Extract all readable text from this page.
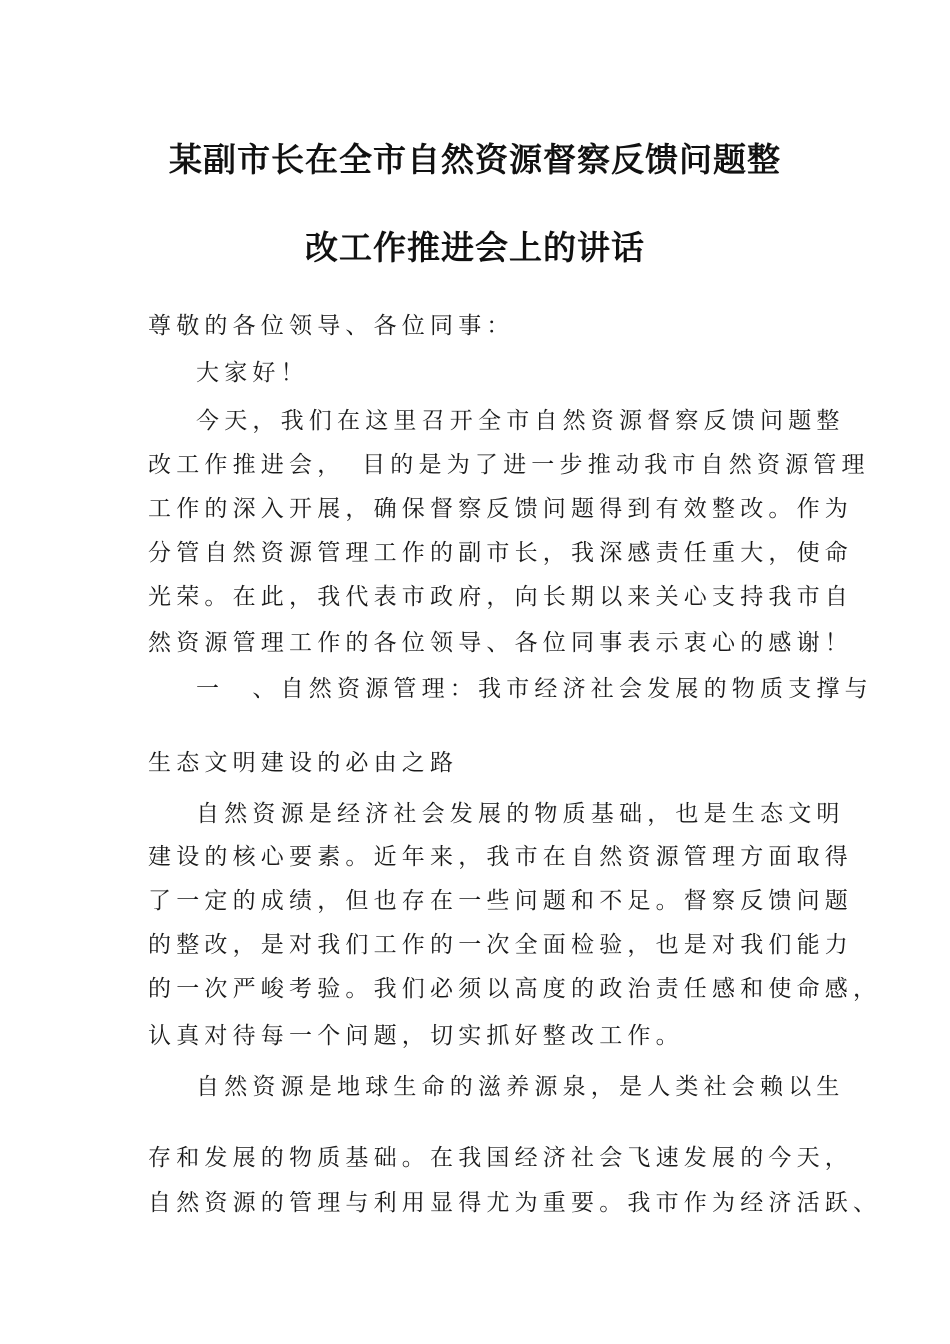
某副市长在全市自然资源督察反馈问题整
改工作推进会上的讲话
尊敬的各位领导、各位同事：
大家好！
今天，我们在这里召开全市自然资源督察反馈问题整
改工作推进会，　目的是为了进一步推动我市自然资源管理
工作的深入开展，确保督察反馈问题得到有效整改。作为
分管自然资源管理工作的副市长，我深感责任重大，使命
光荣。在此，我代表市政府，向长期以来关心支持我市自
然资源管理工作的各位领导、各位同事表示衷心的感谢！
一　、自然资源管理：我市经济社会发展的物质支撑与
生态文明建设的必由之路
自然资源是经济社会发展的物质基础，也是生态文明
建设的核心要素。近年来，我市在自然资源管理方面取得
了一定的成绩，但也存在一些问题和不足。督察反馈问题
的整改，是对我们工作的一次全面检验，也是对我们能力
的一次严峻考验。我们必须以高度的政治责任感和使命感，
认真对待每一个问题，切实抓好整改工作。
自然资源是地球生命的滋养源泉，是人类社会赖以生
存和发展的物质基础。在我国经济社会飞速发展的今天，
自然资源的管理与利用显得尤为重要。我市作为经济活跃、
